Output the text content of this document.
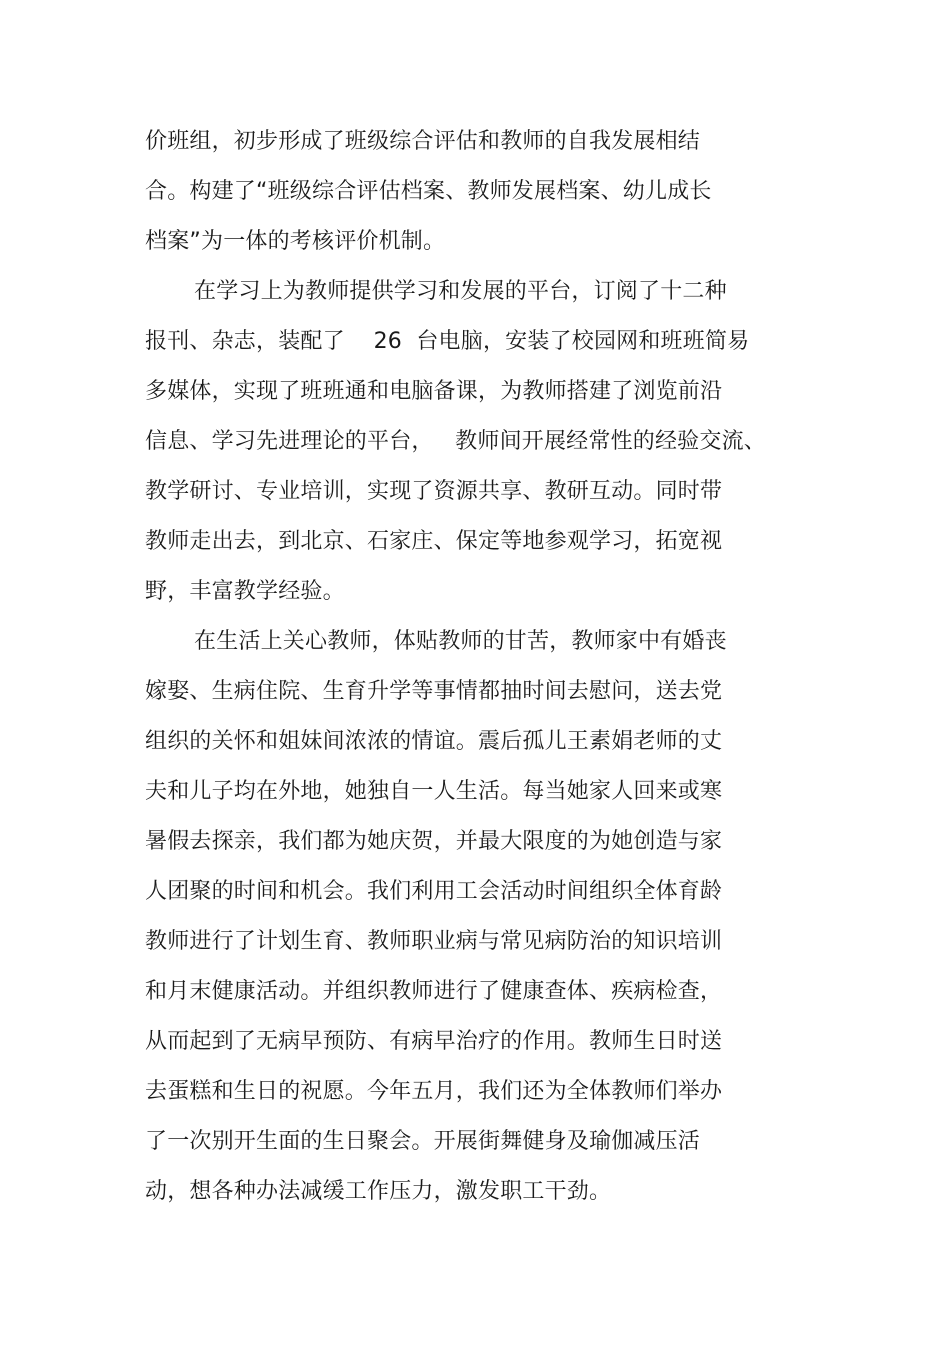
价班组，初步形成了班级综合评估和教师的自我发展相结
合。构建了“班级综合评估档案、教师发展档案、幼儿成长
档案”为一体的考核评价机制。
在学习上为教师提供学习和发展的平台，订阅了十二种
报刊、杂志，装配了    26  台电脑，安装了校园网和班班简易
多媒体，实现了班班通和电脑备课，为教师搭建了浏览前沿
信息、学习先进理论的平台，   教师间开展经常性的经验交流、
教学研讨、专业培训，实现了资源共享、教研互动。同时带
教师走出去，到北京、石家庄、保定等地参观学习，拓宽视
野，丰富教学经验。
在生活上关心教师，体贴教师的甘苦，教师家中有婚丧
嫁娶、生病住院、生育升学等事情都抽时间去慰问，送去党
组织的关怀和姐妹间浓浓的情谊。震后孤儿王素娟老师的丈
夫和儿子均在外地，她独自一人生活。每当她家人回来或寒
暑假去探亲，我们都为她庆贺，并最大限度的为她创造与家
人团聚的时间和机会。我们利用工会活动时间组织全体育龄
教师进行了计划生育、教师职业病与常见病防治的知识培训
和月末健康活动。并组织教师进行了健康查体、疾病检查，
从而起到了无病早预防、有病早治疗的作用。教师生日时送
去蛋糕和生日的祝愿。今年五月，我们还为全体教师们举办
了一次别开生面的生日聚会。开展街舞健身及瑜伽减压活
动，想各种办法减缓工作压力，激发职工干劲。
